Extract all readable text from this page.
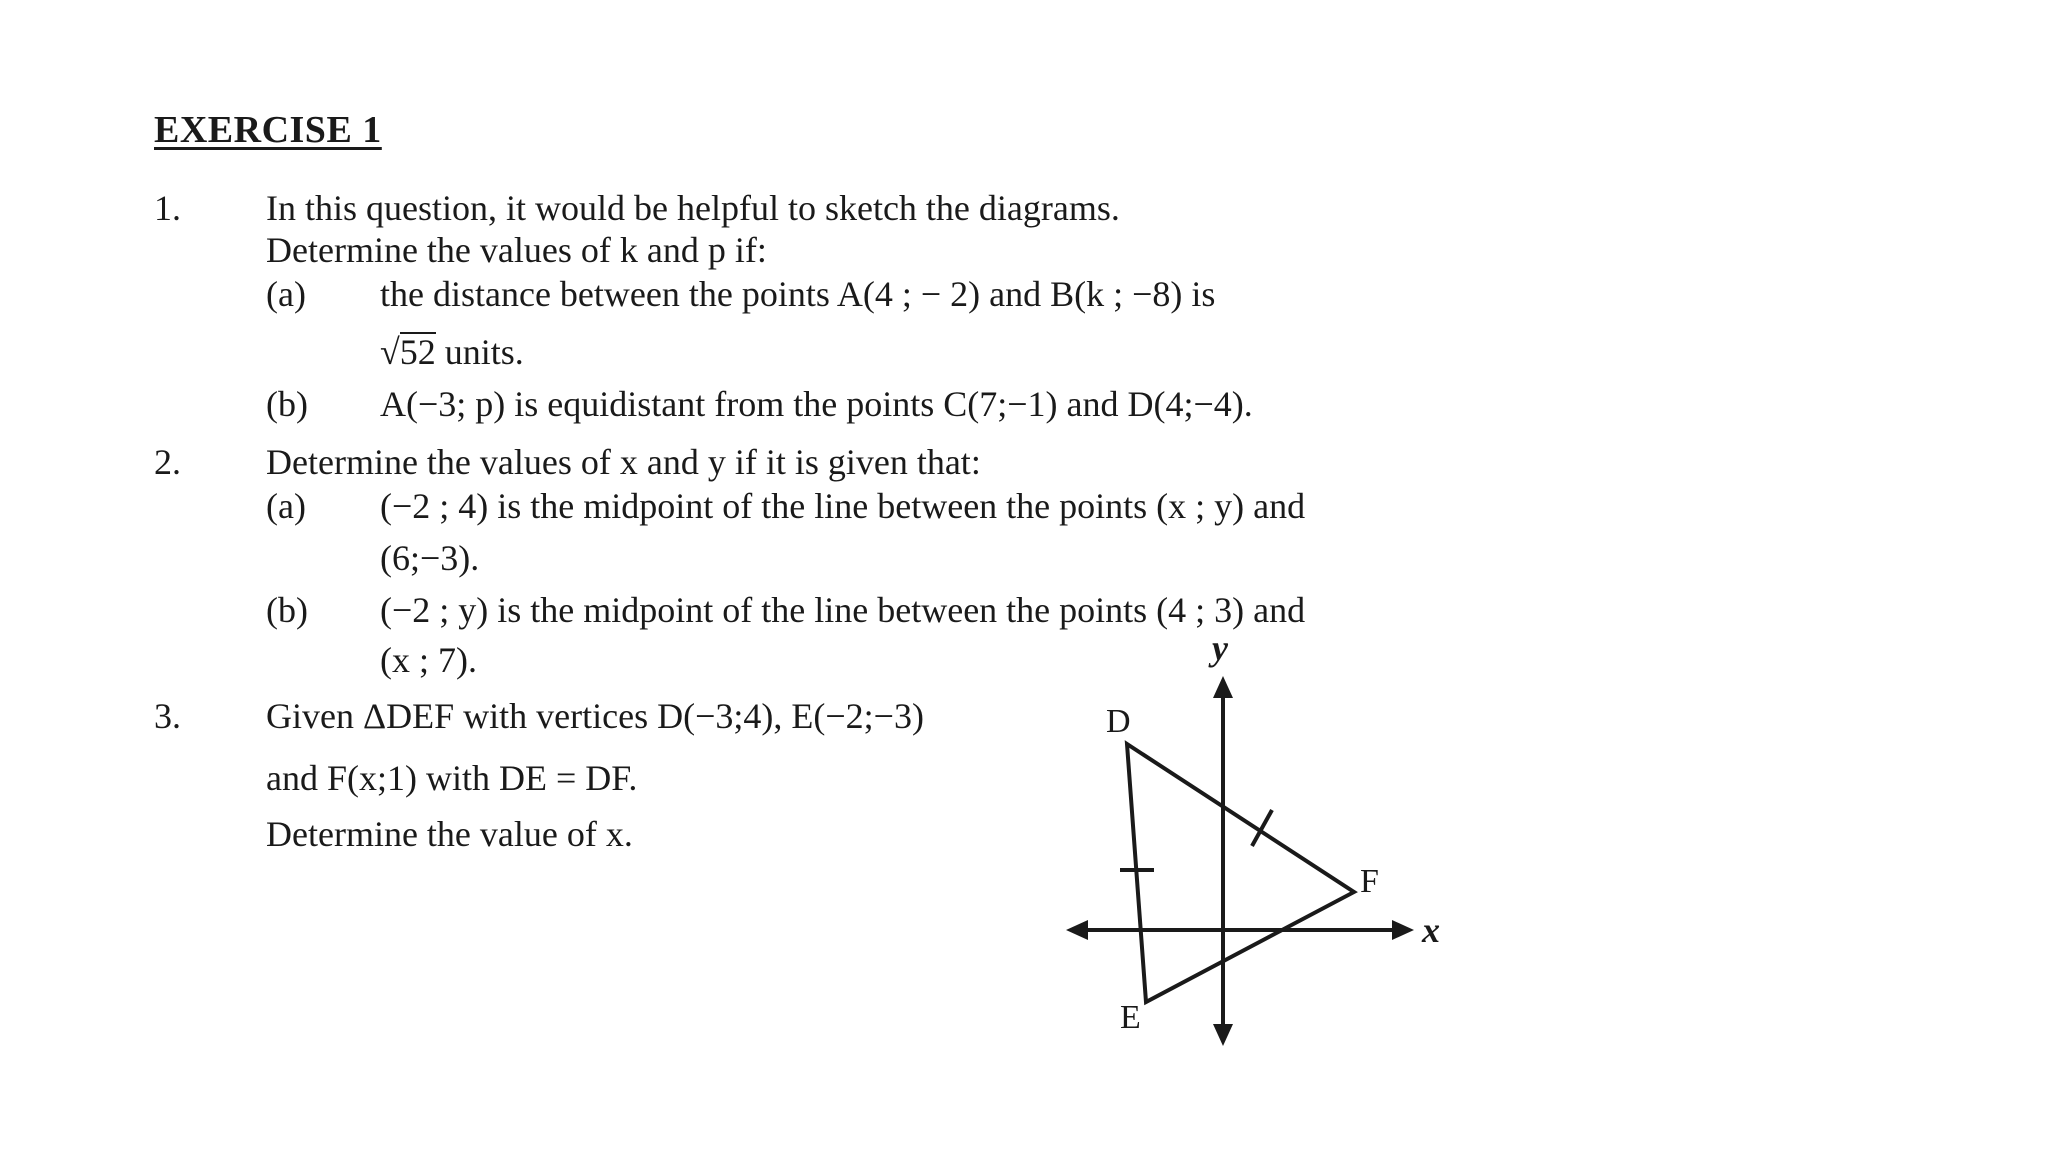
EXERCISE 1
1. In this question, it would be helpful to sketch the diagrams.
Determine the values of k and p if:
(a) the distance between the points A(4 ; − 2) and B(k ; −8) is
√52 units.
(b) A(−3; p) is equidistant from the points C(7;−1) and D(4;−4).
2. Determine the values of x and y if it is given that:
(a) (−2 ; 4) is the midpoint of the line between the points (x ; y) and
(6;−3).
(b) (−2 ; y) is the midpoint of the line between the points (4 ; 3) and
(x ; 7).
3. Given ΔDEF with vertices D(−3;4), E(−2;−3)
and F(x;1) with DE = DF.
Determine the value of x.
D
E
F
x
y
